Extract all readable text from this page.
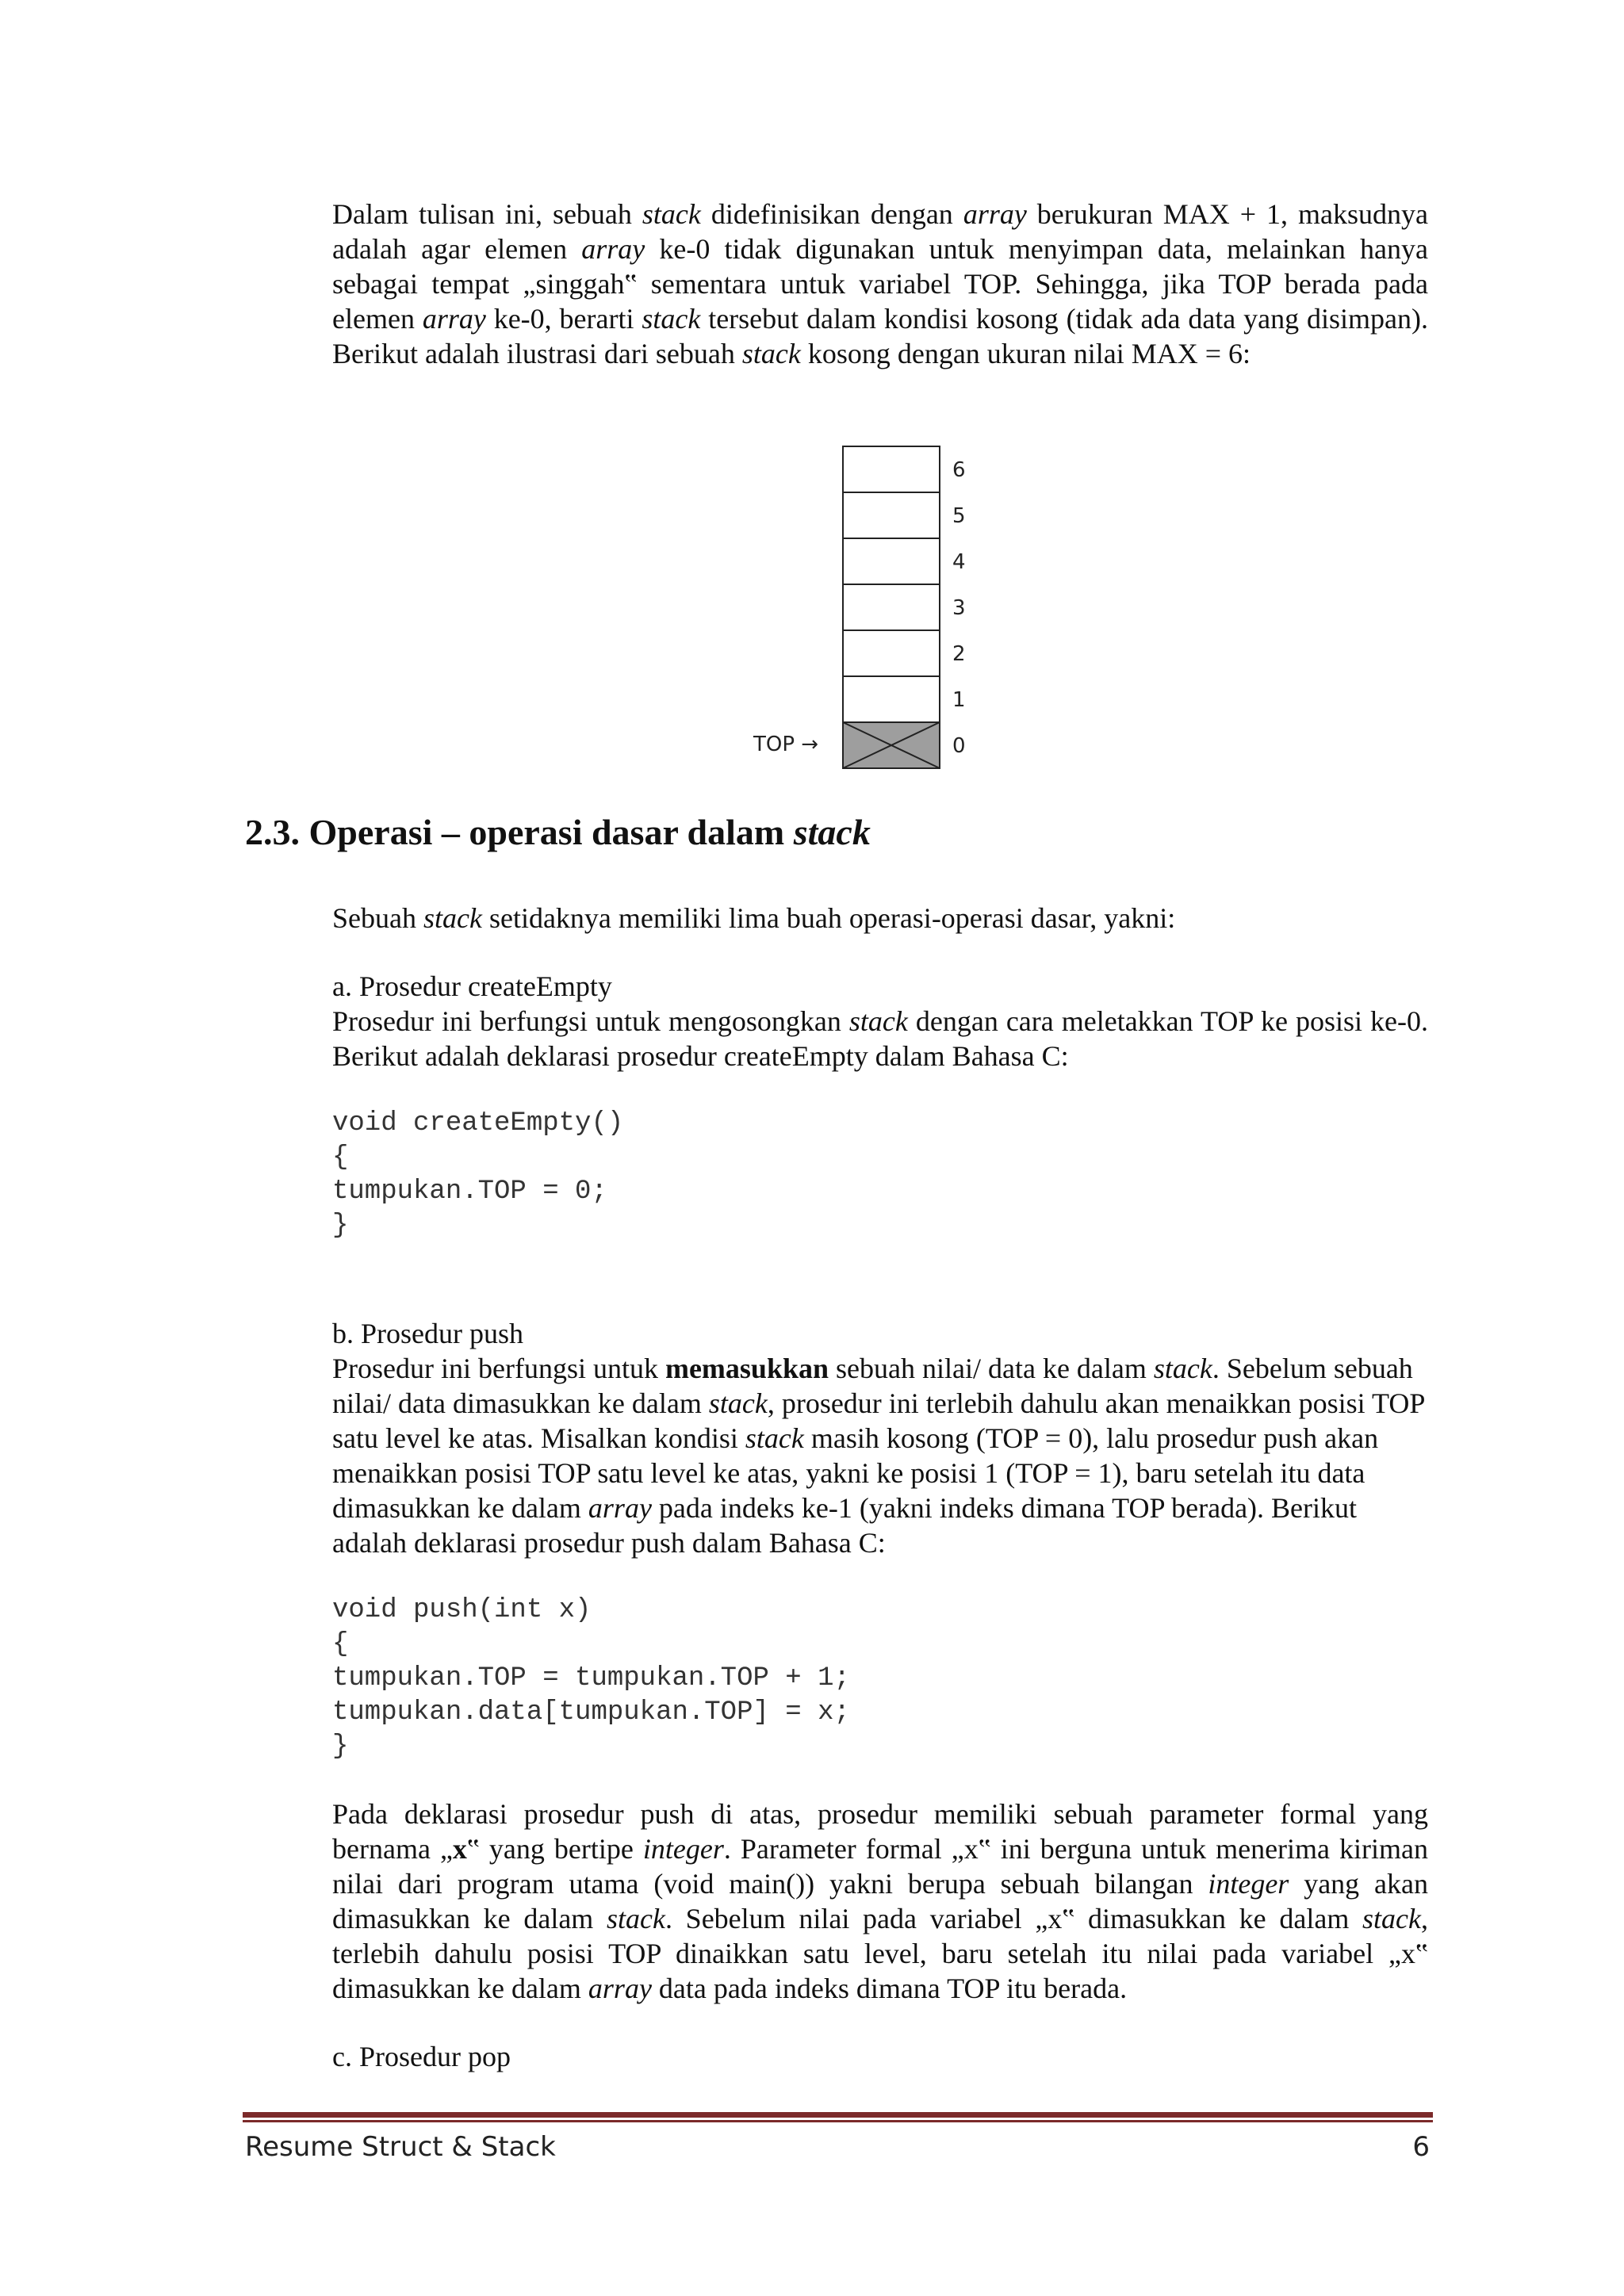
Dalam tulisan ini, sebuah stack didefinisikan dengan array berukuran MAX + 1, maksudnya adalah agar elemen array ke-0 tidak digunakan untuk menyimpan data, melainkan hanya sebagai tempat „singgah‟ sementara untuk variabel TOP. Sehingga, jika TOP berada pada elemen array ke-0, berarti stack tersebut dalam kondisi kosong (tidak ada data yang disimpan). Berikut adalah ilustrasi dari sebuah stack kosong dengan ukuran nilai MAX = 6:

6
5
4
3
2
1
0
TOP →
2.3. Operasi – operasi dasar dalam stack

Sebuah stack setidaknya memiliki lima buah operasi-operasi dasar, yakni:

a. Prosedur createEmpty

Prosedur ini berfungsi untuk mengosongkan stack dengan cara meletakkan TOP ke posisi ke-0. Berikut adalah deklarasi prosedur createEmpty dalam Bahasa C:

void createEmpty()
{
tumpukan.TOP = 0;
}

b. Prosedur push

Prosedur ini berfungsi untuk memasukkan sebuah nilai/ data ke dalam stack. Sebelum sebuah nilai/ data dimasukkan ke dalam stack, prosedur ini terlebih dahulu akan menaikkan posisi TOP satu level ke atas. Misalkan kondisi stack masih kosong (TOP = 0), lalu prosedur push akan menaikkan posisi TOP satu level ke atas, yakni ke posisi 1 (TOP = 1), baru setelah itu data dimasukkan ke dalam array pada indeks ke-1 (yakni indeks dimana TOP berada). Berikut adalah deklarasi prosedur push dalam Bahasa C:

void push(int x)
{
tumpukan.TOP = tumpukan.TOP + 1;
tumpukan.data[tumpukan.TOP] = x;
}

Pada deklarasi prosedur push di atas, prosedur memiliki sebuah parameter formal yang bernama „x‟ yang bertipe integer. Parameter formal „x‟ ini berguna untuk menerima kiriman nilai dari program utama (void main()) yakni berupa sebuah bilangan integer yang akan dimasukkan ke dalam stack. Sebelum nilai pada variabel „x‟ dimasukkan ke dalam stack, terlebih dahulu posisi TOP dinaikkan satu level, baru setelah itu nilai pada variabel „x‟ dimasukkan ke dalam array data pada indeks dimana TOP itu berada.

c. Prosedur pop

Resume Struct & Stack	6
